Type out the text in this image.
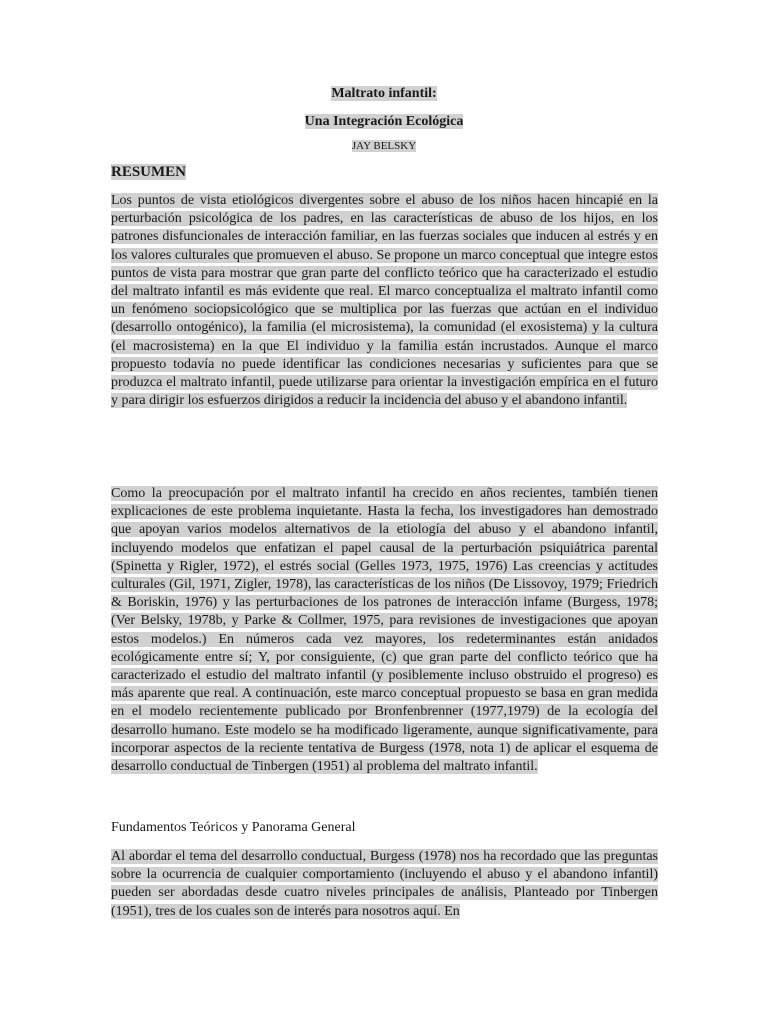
Maltrato infantil:
Una Integración Ecológica
JAY BELSKY
RESUMEN

Los puntos de vista etiológicos divergentes sobre el abuso de los niños hacen hincapié en la perturbación psicológica de los padres, en las características de abuso de los hijos, en los patrones disfuncionales de interacción familiar, en las fuerzas sociales que inducen al estrés y en los valores culturales que promueven el abuso. Se propone un marco conceptual que integre estos puntos de vista para mostrar que gran parte del conflicto teórico que ha caracterizado el estudio del maltrato infantil es más evidente que real. El marco conceptualiza el maltrato infantil como un fenómeno sociopsicológico que se multiplica por las fuerzas que actúan en el individuo (desarrollo ontogénico), la familia (el microsistema), la comunidad (el exosistema) y la cultura (el macrosistema) en la que El individuo y la familia están incrustados. Aunque el marco propuesto todavía no puede identificar las condiciones necesarias y suficientes para que se produzca el maltrato infantil, puede utilizarse para orientar la investigación empírica en el futuro y para dirigir los esfuerzos dirigidos a reducir la incidencia del abuso y el abandono infantil.

Como la preocupación por el maltrato infantil ha crecido en años recientes, también tienen explicaciones de este problema inquietante. Hasta la fecha, los investigadores han demostrado que apoyan varios modelos alternativos de la etiología del abuso y el abandono infantil, incluyendo modelos que enfatizan el papel causal de la perturbación psiquiátrica parental (Spinetta y Rigler, 1972), el estrés social (Gelles 1973, 1975, 1976) Las creencias y actitudes culturales (Gil, 1971, Zigler, 1978), las características de los niños (De Lissovoy, 1979; Friedrich & Boriskin, 1976) y las perturbaciones de los patrones de interacción infame (Burgess, 1978; (Ver Belsky, 1978b, y Parke & Collmer, 1975, para revisiones de investigaciones que apoyan estos modelos.) En números cada vez mayores, los redeterminantes están anidados ecológicamente entre sí; Y, por consiguiente, (c) que gran parte del conflicto teórico que ha caracterizado el estudio del maltrato infantil (y posiblemente incluso obstruido el progreso) es más aparente que real. A continuación, este marco conceptual propuesto se basa en gran medida en el modelo recientemente publicado por Bronfenbrenner (1977,1979) de la ecología del desarrollo humano. Este modelo se ha modificado ligeramente, aunque significativamente, para incorporar aspectos de la reciente tentativa de Burgess (1978, nota 1) de aplicar el esquema de desarrollo conductual de Tinbergen (1951) al problema del maltrato infantil.

Fundamentos Teóricos y Panorama General

Al abordar el tema del desarrollo conductual, Burgess (1978) nos ha recordado que las preguntas sobre la ocurrencia de cualquier comportamiento (incluyendo el abuso y el abandono infantil) pueden ser abordadas desde cuatro niveles principales de análisis, Planteado por Tinbergen (1951), tres de los cuales son de interés para nosotros aquí. En
